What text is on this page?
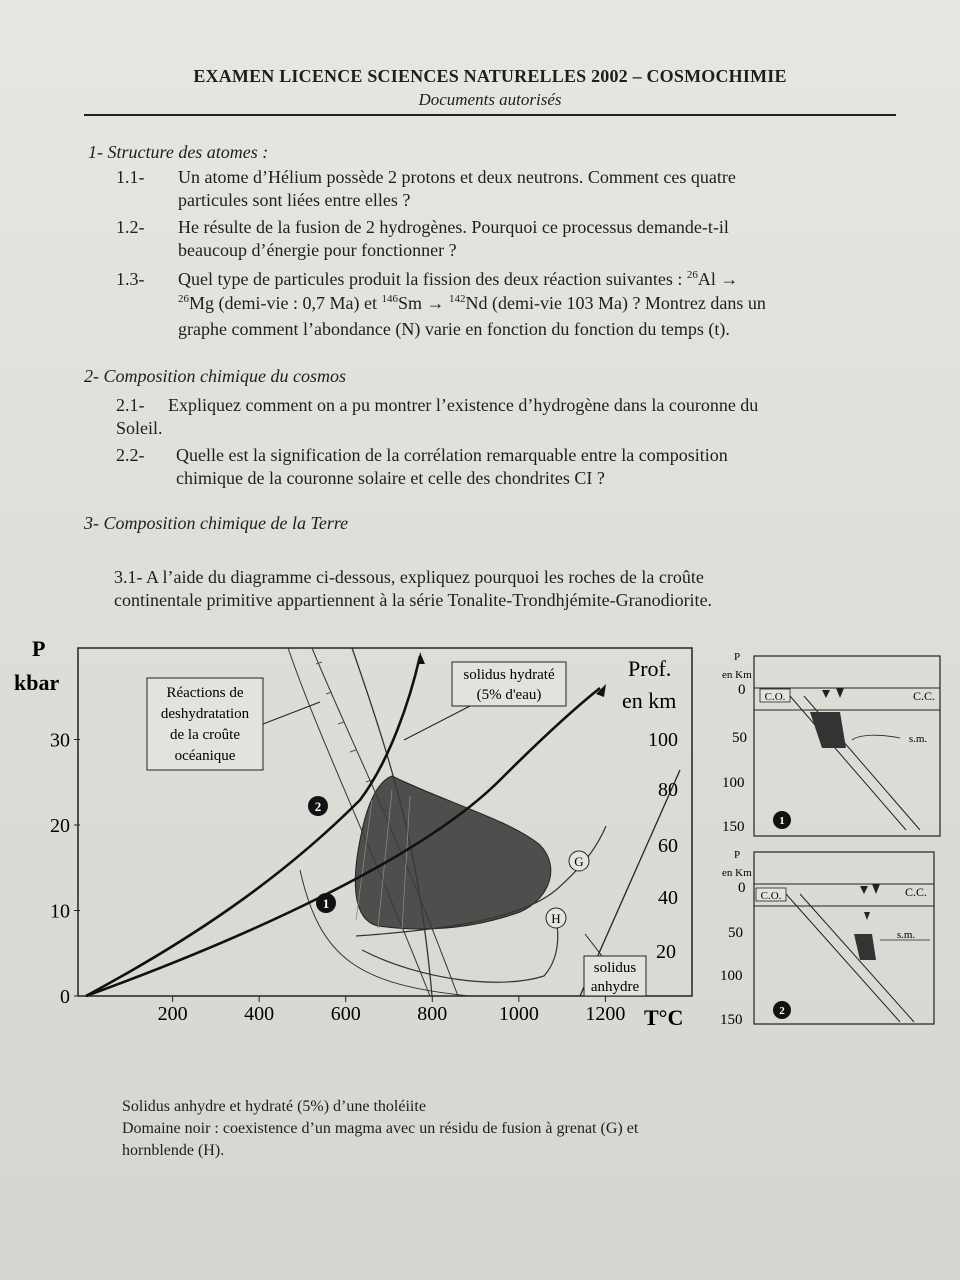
EXAMEN LICENCE SCIENCES NATURELLES 2002 – COSMOCHIMIE
Documents autorisés
1- Structure des atomes :
1.1- Un atome d’Hélium possède 2 protons et deux neutrons. Comment ces quatre
particules sont liées entre elles ?
1.2- He résulte de la fusion de 2 hydrogènes. Pourquoi ce processus demande-t-il
beaucoup d’énergie pour fonctionner ?
1.3- Quel type de particules produit la fission des deux réaction suivantes : $^{26}$Al →
$^{26}$Mg (demi-vie : 0,7 Ma) et $^{146}$Sm → $^{142}$Nd (demi-vie 103 Ma) ? Montrez dans un
graphe comment l’abondance (N) varie en fonction du fonction du temps (t).
2- Composition chimique du cosmos
2.1- Expliquez comment on a pu montrer l’existence d’hydrogène dans la couronne du
Soleil.
2.2- Quelle est la signification de la corrélation remarquable entre la composition
chimique de la couronne solaire et celle des chondrites CI ?
3- Composition chimique de la Terre
3.1- A l’aide du diagramme ci-dessous, expliquez pourquoi les roches de la croûte
continentale primitive appartiennent à la série Tonalite-Trondhjémite-Granodiorite.
P
kbar
T°C
Prof.
en km
200	400	600	800	1000 1200
0
10
20
30	100
80
60
40
20
2
1
G
H
Réactions de
deshydratation
de la croûte
océanique
solidus hydraté
(5% d'eau)
solidus
anhydre
P
en Km
0
50
100
150
C.O.	C.C.
s.m.
1
P
en Km
0
50
100
150
C.O.	C.C.
s.m.
2
Solidus anhydre et hydraté (5%) d’une tholéiite
Domaine noir : coexistence d’un magma avec un résidu de fusion à grenat (G) et
hornblende (H).
